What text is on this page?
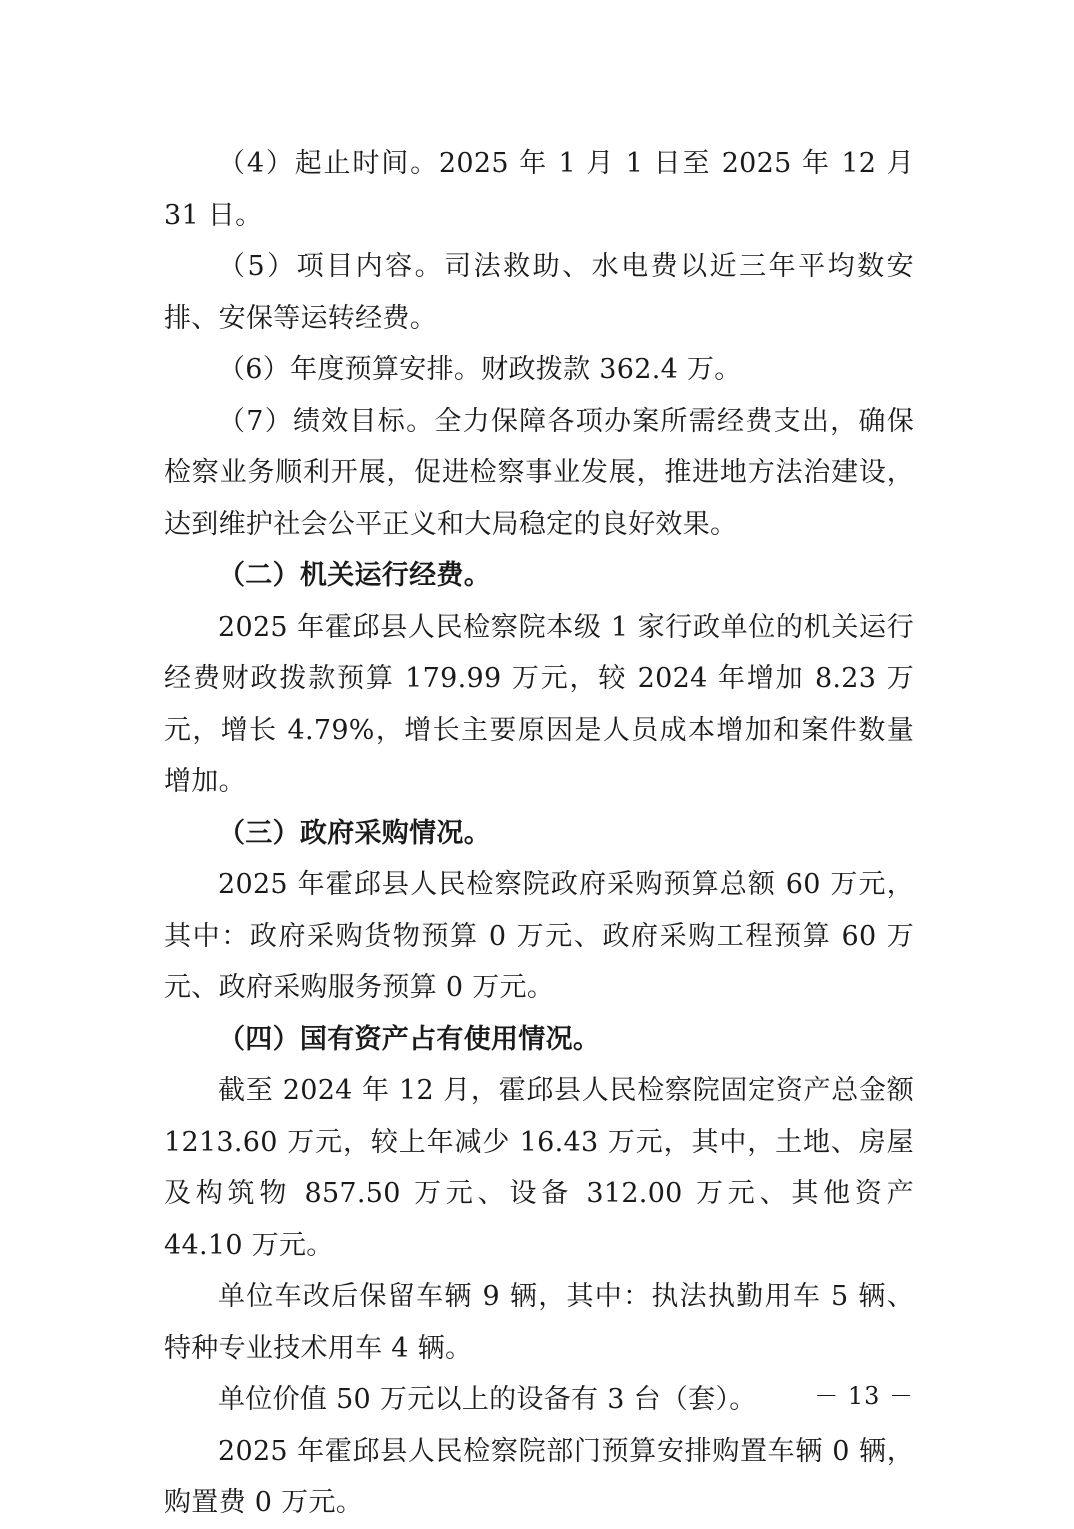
（4）起止时间。2025 年 1 月 1 日至 2025 年 12 月 31 日。

（5）项目内容。司法救助、水电费以近三年平均数安排、安保等运转经费。

（6）年度预算安排。财政拨款 362.4 万。

（7）绩效目标。全力保障各项办案所需经费支出，确保检察业务顺利开展，促进检察事业发展，推进地方法治建设，达到维护社会公平正义和大局稳定的良好效果。

（二）机关运行经费。

2025 年霍邱县人民检察院本级 1 家行政单位的机关运行经费财政拨款预算 179.99 万元，较 2024 年增加 8.23 万元，增长 4.79%，增长主要原因是人员成本增加和案件数量增加。

（三）政府采购情况。

2025 年霍邱县人民检察院政府采购预算总额 60 万元，其中：政府采购货物预算 0 万元、政府采购工程预算 60 万元、政府采购服务预算 0 万元。

（四）国有资产占有使用情况。

截至 2024 年 12 月，霍邱县人民检察院固定资产总金额 1213.60 万元，较上年减少 16.43 万元，其中，土地、房屋及构筑物 857.50 万元、设备 312.00 万元、其他资产 44.10 万元。

单位车改后保留车辆 9 辆，其中：执法执勤用车 5 辆、特种专业技术用车 4 辆。

单位价值 50 万元以上的设备有 3 台（套）。

2025 年霍邱县人民检察院部门预算安排购置车辆 0 辆，购置费 0 万元。

－ 13 －
